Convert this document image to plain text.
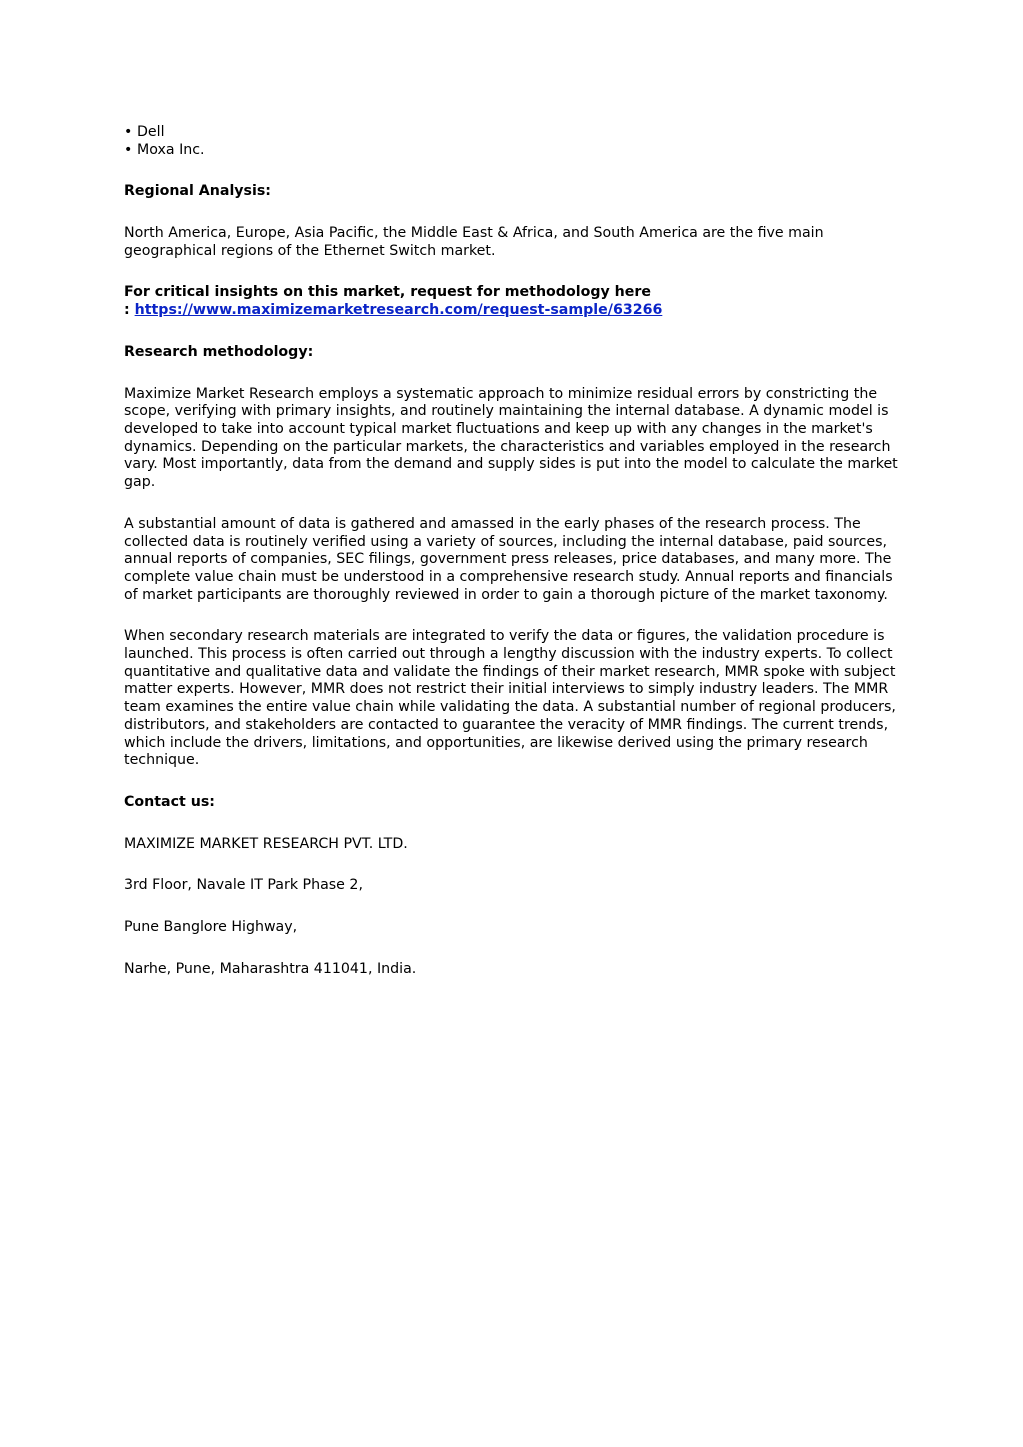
• Dell
• Moxa Inc.

Regional Analysis:

North America, Europe, Asia Pacific, the Middle East & Africa, and South America are the five main geographical regions of the Ethernet Switch market.

For critical insights on this market, request for methodology here
: https://www.maximizemarketresearch.com/request-sample/63266

Research methodology:

Maximize Market Research employs a systematic approach to minimize residual errors by constricting the scope, verifying with primary insights, and routinely maintaining the internal database. A dynamic model is developed to take into account typical market fluctuations and keep up with any changes in the market's dynamics. Depending on the particular markets, the characteristics and variables employed in the research vary. Most importantly, data from the demand and supply sides is put into the model to calculate the market gap.

A substantial amount of data is gathered and amassed in the early phases of the research process. The collected data is routinely verified using a variety of sources, including the internal database, paid sources, annual reports of companies, SEC filings, government press releases, price databases, and many more. The complete value chain must be understood in a comprehensive research study. Annual reports and financials of market participants are thoroughly reviewed in order to gain a thorough picture of the market taxonomy.

When secondary research materials are integrated to verify the data or figures, the validation procedure is launched. This process is often carried out through a lengthy discussion with the industry experts. To collect quantitative and qualitative data and validate the findings of their market research, MMR spoke with subject matter experts. However, MMR does not restrict their initial interviews to simply industry leaders. The MMR team examines the entire value chain while validating the data. A substantial number of regional producers, distributors, and stakeholders are contacted to guarantee the veracity of MMR findings. The current trends, which include the drivers, limitations, and opportunities, are likewise derived using the primary research technique.

Contact us:

MAXIMIZE MARKET RESEARCH PVT. LTD.

3rd Floor, Navale IT Park Phase 2,

Pune Banglore Highway,

Narhe, Pune, Maharashtra 411041, India.
